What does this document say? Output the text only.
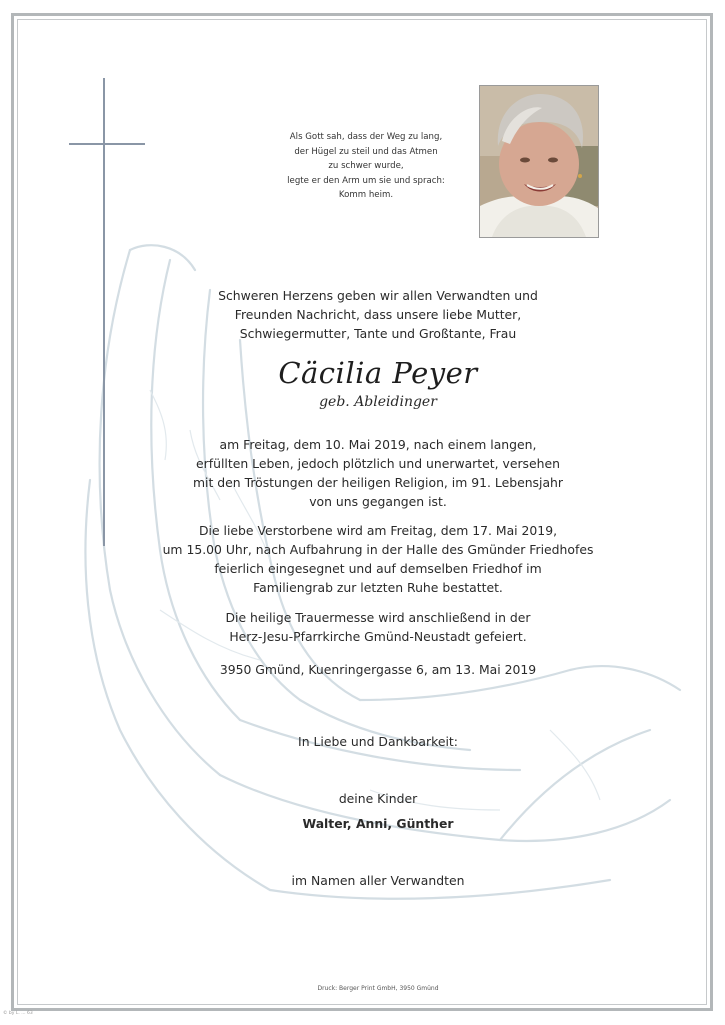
Als Gott sah, dass der Weg zu lang,
der Hügel zu steil und das Atmen
zu schwer wurde,
legte er den Arm um sie und sprach:
Komm heim.
Schweren Herzens geben wir allen Verwandten und
Freunden Nachricht, dass unsere liebe Mutter,
Schwiegermutter, Tante und Großtante, Frau
Cäcilia Peyer
geb. Ableidinger
am Freitag, dem 10. Mai 2019, nach einem langen,
erfüllten Leben, jedoch plötzlich und unerwartet, versehen
mit den Tröstungen der heiligen Religion, im 91. Lebensjahr
von uns gegangen ist.
Die liebe Verstorbene wird am Freitag, dem 17. Mai 2019,
um 15.00 Uhr, nach Aufbahrung in der Halle des Gmünder Friedhofes
feierlich eingesegnet und auf demselben Friedhof im
Familiengrab zur letzten Ruhe bestattet.
Die heilige Trauermesse wird anschließend in der
Herz-Jesu-Pfarrkirche Gmünd-Neustadt gefeiert.
3950 Gmünd, Kuenringergasse 6, am 13. Mai 2019
In Liebe und Dankbarkeit:
deine Kinder
Walter, Anni, Günther
im Namen aller Verwandten
Druck: Berger Print GmbH, 3950 Gmünd
© by L. ... 63
